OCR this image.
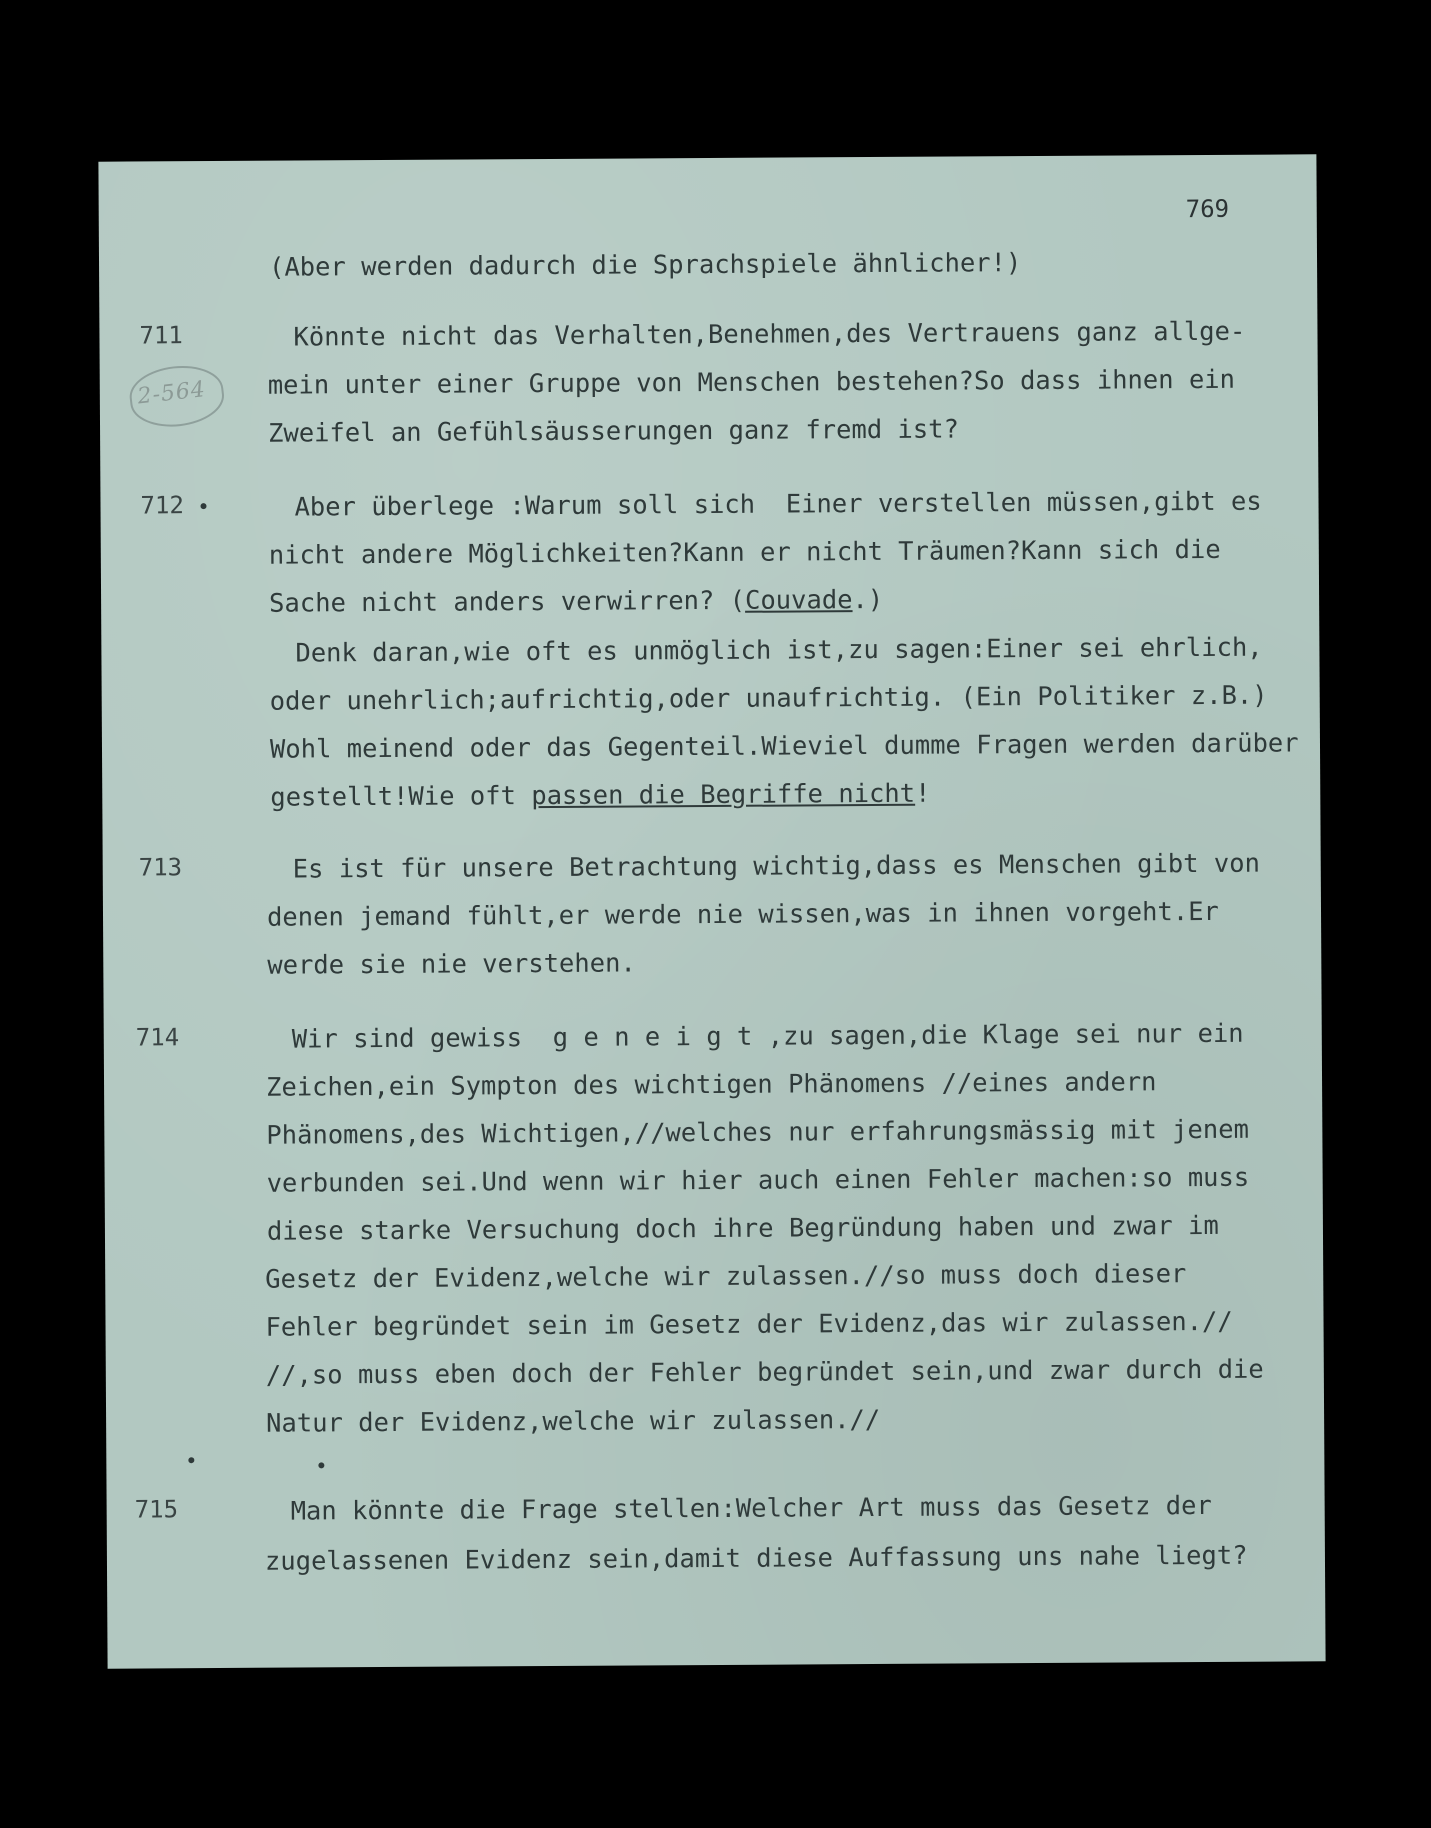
769
2-564
(Aber werden dadurch die Sprachspiele ähnlicher!)
711	Könnte nicht das Verhalten,Benehmen,des Vertrauens ganz allge-
mein unter einer Gruppe von Menschen bestehen?So dass ihnen ein
Zweifel an Gefühlsäusserungen ganz fremd ist?
712	Aber überlege :Warum soll sich  Einer verstellen müssen,gibt es
nicht andere Möglichkeiten?Kann er nicht Träumen?Kann sich die
Sache nicht anders verwirren? (Couvade.)
Denk daran,wie oft es unmöglich ist,zu sagen:Einer sei ehrlich,
oder unehrlich;aufrichtig,oder unaufrichtig. (Ein Politiker z.B.)
Wohl meinend oder das Gegenteil.Wieviel dumme Fragen werden darüber
gestellt!Wie oft passen die Begriffe nicht!
713	Es ist für unsere Betrachtung wichtig,dass es Menschen gibt von
denen jemand fühlt,er werde nie wissen,was in ihnen vorgeht.Er
werde sie nie verstehen.
714	Wir sind gewiss  g e n e i g t ,zu sagen,die Klage sei nur ein
Zeichen,ein Sympton des wichtigen Phänomens //eines andern
Phänomens,des Wichtigen,//welches nur erfahrungsmässig mit jenem
verbunden sei.Und wenn wir hier auch einen Fehler machen:so muss
diese starke Versuchung doch ihre Begründung haben und zwar im
Gesetz der Evidenz,welche wir zulassen.//so muss doch dieser
Fehler begründet sein im Gesetz der Evidenz,das wir zulassen.//
//,so muss eben doch der Fehler begründet sein,und zwar durch die
Natur der Evidenz,welche wir zulassen.//
715	Man könnte die Frage stellen:Welcher Art muss das Gesetz der
zugelassenen Evidenz sein,damit diese Auffassung uns nahe liegt?
